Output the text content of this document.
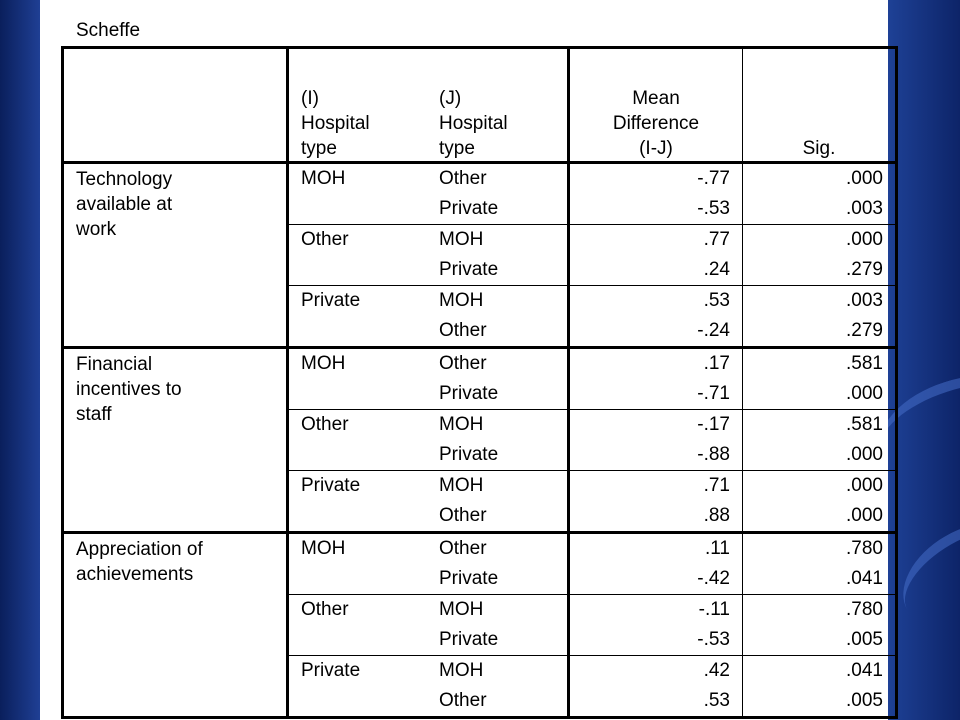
Scheffe

	(I)
Hospital
type	(J)
Hospital
type	Mean
Difference
(I-J)	Sig.

Technology
available at
work	MOH	Other	-.77	.000
		Private	-.53	.003
	Other	MOH	.77	.000
		Private	.24	.279
	Private	MOH	.53	.003
		Other	-.24	.279

Financial
incentives to
staff	MOH	Other	.17	.581
		Private	-.71	.000
	Other	MOH	-.17	.581
		Private	-.88	.000
	Private	MOH	.71	.000
		Other	.88	.000

Appreciation of
achievements	MOH	Other	.11	.780
		Private	-.42	.041
	Other	MOH	-.11	.780
		Private	-.53	.005
	Private	MOH	.42	.041
		Other	.53	.005
